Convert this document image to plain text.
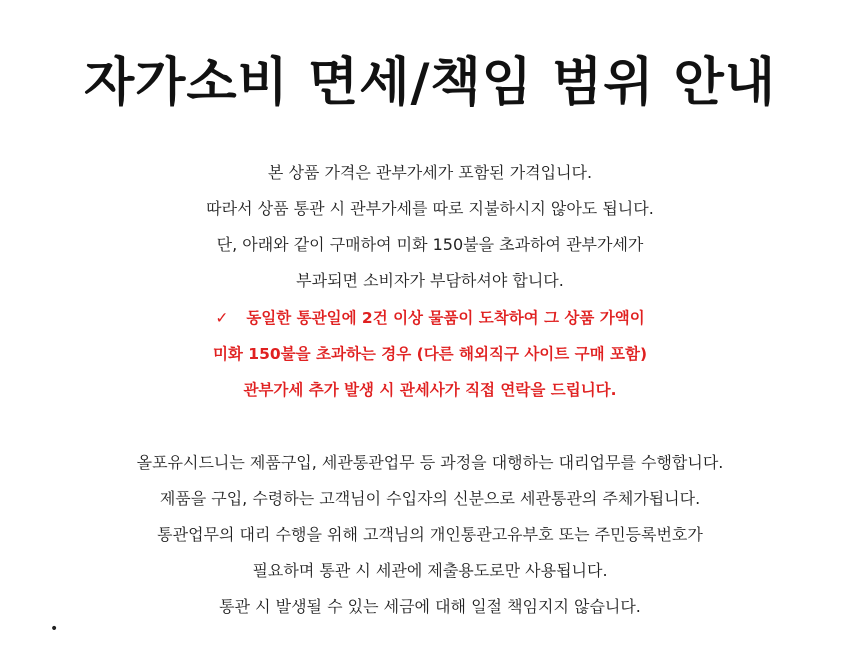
자가소비 면세/책임 범위 안내
본 상품 가격은 관부가세가 포함된 가격입니다.
따라서 상품 통관 시 관부가세를 따로 지불하시지 않아도 됩니다.
단, 아래와 같이 구매하여 미화 150불을 초과하여 관부가세가
부과되면 소비자가 부담하셔야 합니다.
✓ 동일한 통관일에 2건 이상 물품이 도착하여 그 상품 가액이
미화 150불을 초과하는 경우 (다른 해외직구 사이트 구매 포함)
관부가세 추가 발생 시 관세사가 직접 연락을 드립니다.
올포유시드니는 제품구입, 세관통관업무 등 과정을 대행하는 대리업무를 수행합니다.
제품을 구입, 수령하는 고객님이 수입자의 신분으로 세관통관의 주체가됩니다.
통관업무의 대리 수행을 위해 고객님의 개인통관고유부호 또는 주민등록번호가
필요하며 통관 시 세관에 제출용도로만 사용됩니다.
통관 시 발생될 수 있는 세금에 대해 일절 책임지지 않습니다.
•
